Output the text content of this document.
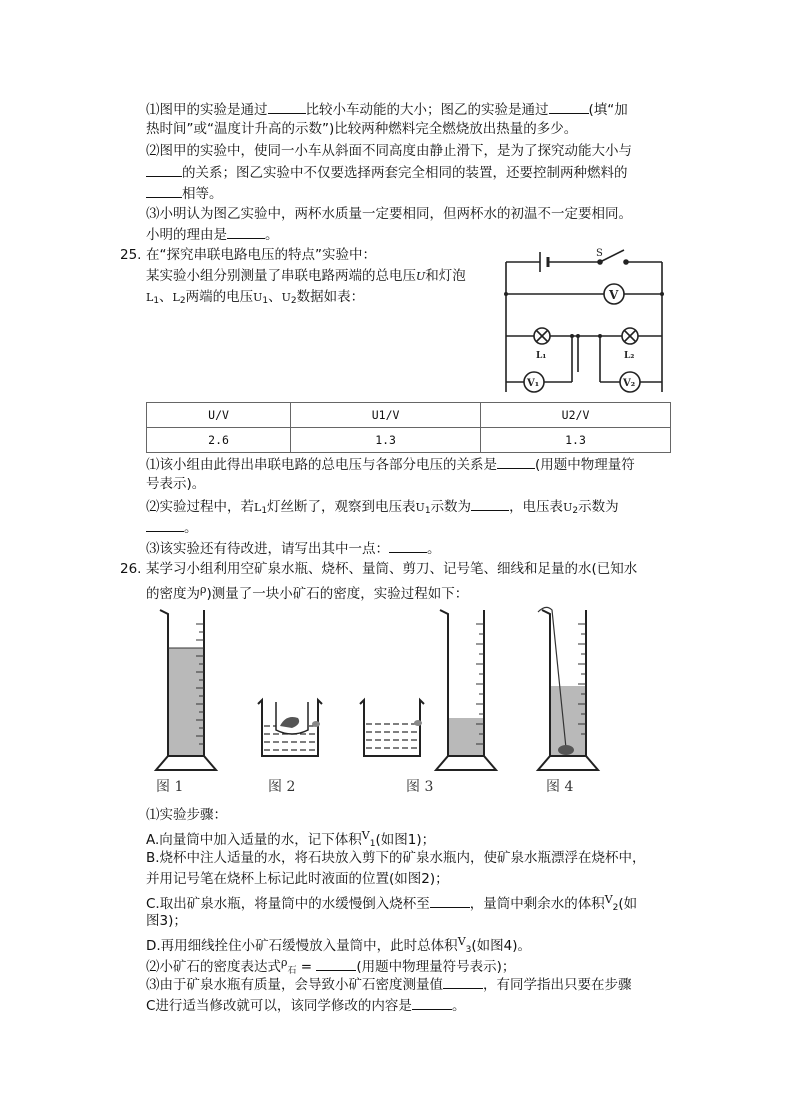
⑴图甲的实验是通过	比较小车动能的大小；图乙的实验是通过	(填“加
热时间”或“温度计升高的示数”)比较两种燃料完全燃烧放出热量的多少。
⑵图甲的实验中，使同一小车从斜面不同高度由静止滑下，是为了探究动能大小与
的关系；图乙实验中不仅要选择两套完全相同的装置，还要控制两种燃料的
相等。
⑶小明认为图乙实验中，两杯水质量一定要相同，但两杯水的初温不一定要相同。
小明的理由是	。
25. 在“探究串联电路电压的特点”实验中：
某实验小组分别测量了串联电路两端的总电压U和灯泡
$L_1$、$L_2$两端的电压$U_1$、$U_2$数据如表：
S
V
L₁	L₂
V₁	V₂
U/V	U1/V	U2/V
2.6	1.3	1.3
⑴该小组由此得出串联电路的总电压与各部分电压的关系是	(用题中物理量符
号表示)。
⑵实验过程中，若$L_1$灯丝断了，观察到电压表$U_1$示数为	，电压表$U_2$示数为
。
⑶该实验还有待改进，请写出其中一点：	。
26. 某学习小组利用空矿泉水瓶、烧杯、量筒、剪刀、记号笔、细线和足量的水(已知水
的密度为$^\rho$)测量了一块小矿石的密度，实验过程如下：
图 1	图 2	图 3	图 4
⑴实验步骤：
A.向量筒中加入适量的水，记下体积$^V_1$(如图1)；
B.烧杯中注人适量的水，将石块放入剪下的矿泉水瓶内，使矿泉水瓶漂浮在烧杯中，
并用记号笔在烧杯上标记此时液面的位置(如图2)；
C.取出矿泉水瓶，将量筒中的水缓慢倒入烧杯至	，量筒中剩余水的体积$^V_2$(如
图3)；
D.再用细线拴住小矿石缓慢放入量筒中，此时总体积$^V_3$(如图4)。
⑵小矿石的密度表达式$^\rho_石$ =	(用题中物理量符号表示)；
⑶由于矿泉水瓶有质量，会导致小矿石密度测量值	，有同学指出只要在步骤
C进行适当修改就可以，该同学修改的内容是	。
